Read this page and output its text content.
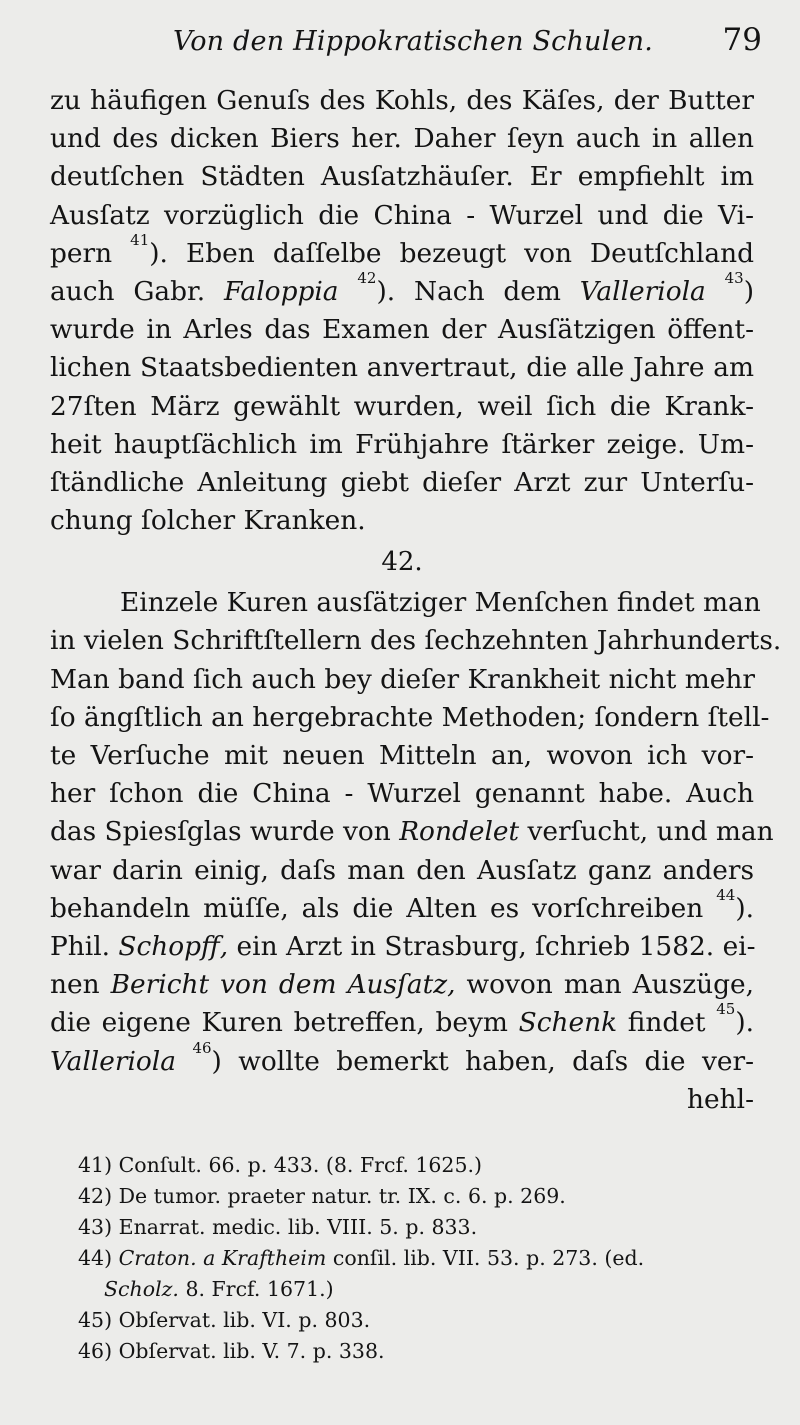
Von den Hippokratischen Schulen. 79
zu häufigen Genuſs des Kohls, des Käſes, der Butter
und des dicken Biers her. Daher ſeyn auch in allen
deutſchen Städten Ausſatzhäuſer. Er empfiehlt im
Ausſatz vorzüglich die China - Wurzel und die Vi-
pern $^{41}$). Eben daſſelbe bezeugt von Deutſchland
auch Gabr. Faloppia $^{42}$). Nach dem Valleriola $^{43}$)
wurde in Arles das Examen der Ausſätzigen öffent-
lichen Staatsbedienten anvertraut, die alle Jahre am
27ſten März gewählt wurden, weil ſich die Krank-
heit hauptſächlich im Frühjahre ſtärker zeige. Um-
ſtändliche Anleitung giebt dieſer Arzt zur Unterſu-
chung ſolcher Kranken.
42.
Einzele Kuren ausſätziger Menſchen findet man
in vielen Schriftſtellern des ſechzehnten Jahrhunderts.
Man band ſich auch bey dieſer Krankheit nicht mehr
ſo ängſtlich an hergebrachte Methoden; ſondern ſtell-
te Verſuche mit neuen Mitteln an, wovon ich vor-
her ſchon die China - Wurzel genannt habe. Auch
das Spiesſglas wurde von Rondelet verſucht, und man
war darin einig, daſs man den Ausſatz ganz anders
behandeln müſſe, als die Alten es vorſchreiben $^{44}$).
Phil. Schopff, ein Arzt in Strasburg, ſchrieb 1582. ei-
nen Bericht von dem Ausſatz, wovon man Auszüge,
die eigene Kuren betreffen, beym Schenk findet $^{45}$).
Valleriola $^{46}$) wollte bemerkt haben, daſs die ver-
hehl-
41) Conſult. 66. p. 433. (8. Frcf. 1625.)
42) De tumor. praeter natur. tr. IX. c. 6. p. 269.
43) Enarrat. medic. lib. VIII. 5. p. 833.
44) Craton. a Kraftheim conſil. lib. VII. 53. p. 273. (ed.
Scholz. 8. Frcf. 1671.)
45) Obſervat. lib. VI. p. 803.
46) Obſervat. lib. V. 7. p. 338.
